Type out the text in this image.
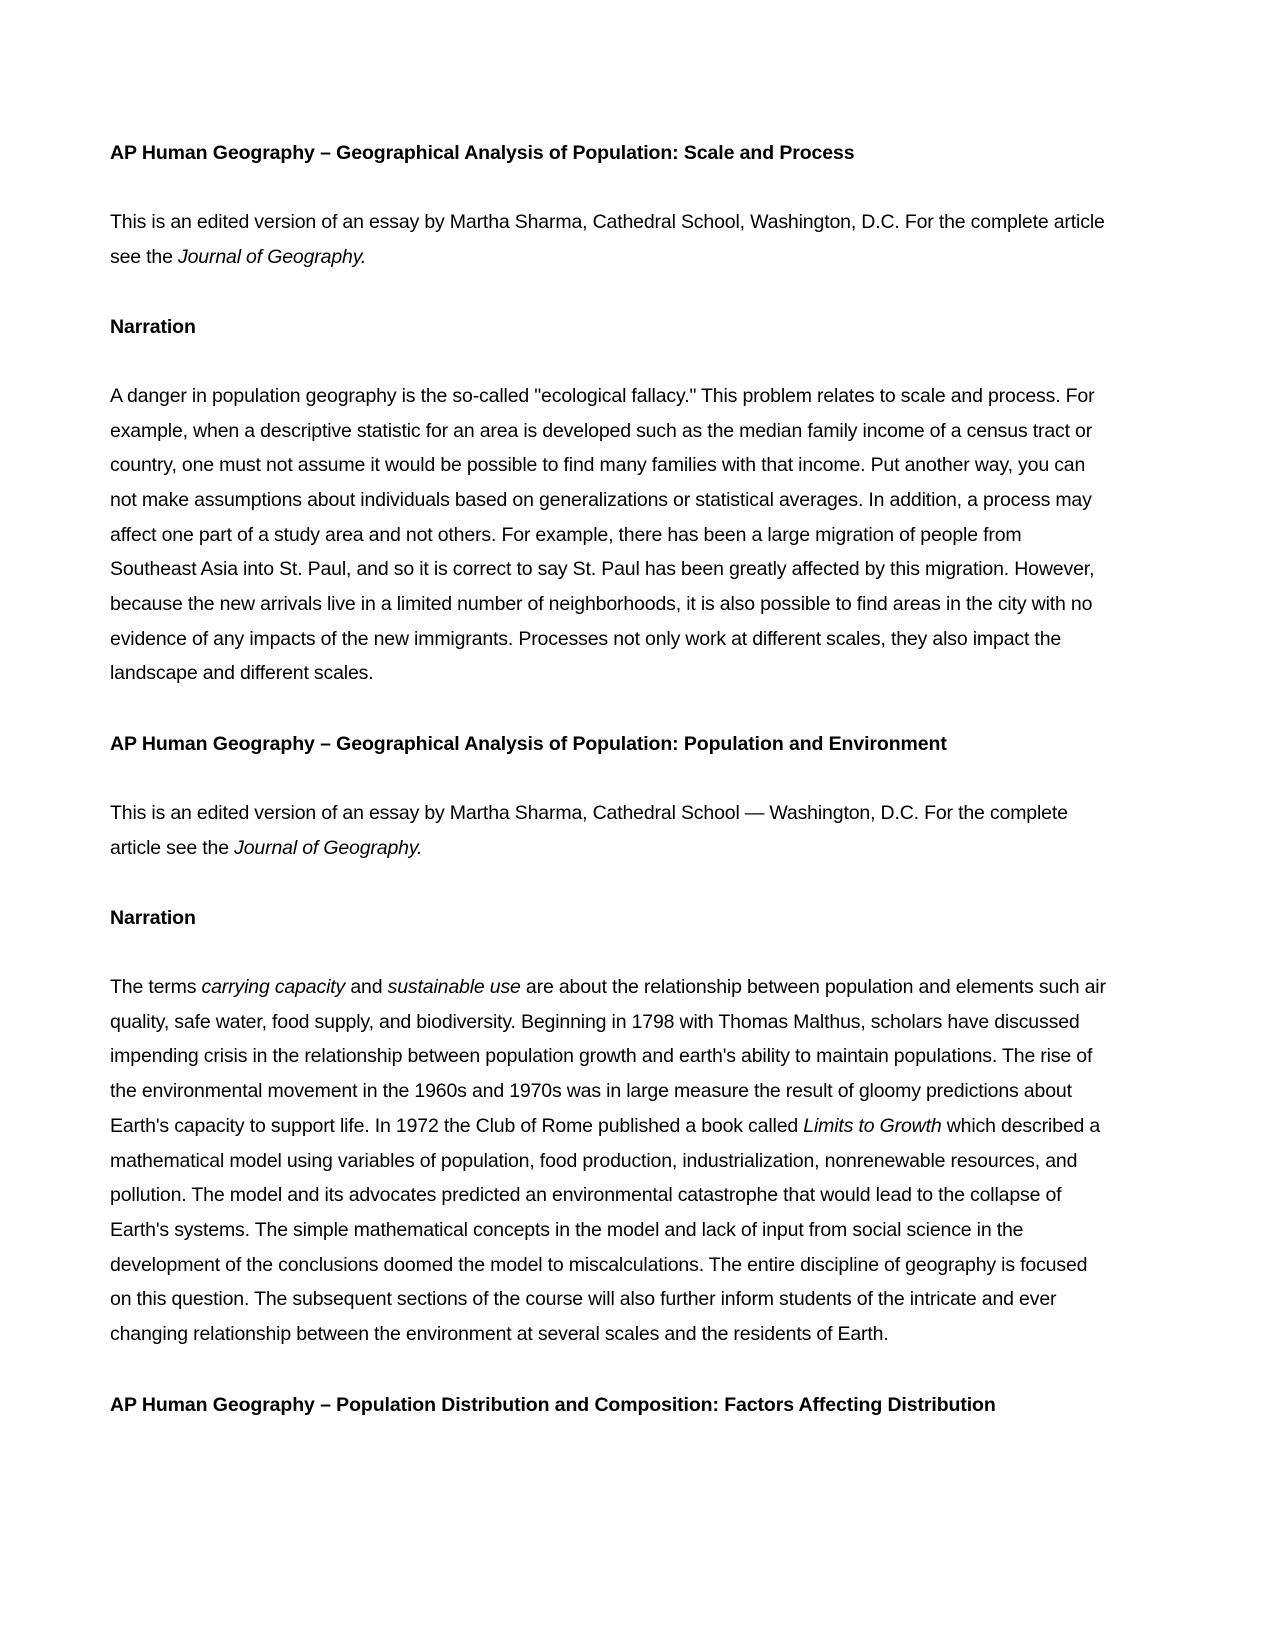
AP Human Geography – Geographical Analysis of Population: Scale and Process

This is an edited version of an essay by Martha Sharma, Cathedral School, Washington, D.C. For the complete article see the Journal of Geography.

Narration

A danger in population geography is the so-called "ecological fallacy." This problem relates to scale and process. For example, when a descriptive statistic for an area is developed such as the median family income of a census tract or country, one must not assume it would be possible to find many families with that income. Put another way, you can not make assumptions about individuals based on generalizations or statistical averages. In addition, a process may affect one part of a study area and not others. For example, there has been a large migration of people from Southeast Asia into St. Paul, and so it is correct to say St. Paul has been greatly affected by this migration. However, because the new arrivals live in a limited number of neighborhoods, it is also possible to find areas in the city with no evidence of any impacts of the new immigrants. Processes not only work at different scales, they also impact the landscape and different scales.

AP Human Geography – Geographical Analysis of Population: Population and Environment

This is an edited version of an essay by Martha Sharma, Cathedral School — Washington, D.C. For the complete article see the Journal of Geography.

Narration

The terms carrying capacity and sustainable use are about the relationship between population and elements such air quality, safe water, food supply, and biodiversity. Beginning in 1798 with Thomas Malthus, scholars have discussed impending crisis in the relationship between population growth and earth's ability to maintain populations. The rise of the environmental movement in the 1960s and 1970s was in large measure the result of gloomy predictions about Earth's capacity to support life. In 1972 the Club of Rome published a book called Limits to Growth which described a mathematical model using variables of population, food production, industrialization, nonrenewable resources, and pollution. The model and its advocates predicted an environmental catastrophe that would lead to the collapse of Earth's systems. The simple mathematical concepts in the model and lack of input from social science in the development of the conclusions doomed the model to miscalculations. The entire discipline of geography is focused on this question. The subsequent sections of the course will also further inform students of the intricate and ever changing relationship between the environment at several scales and the residents of Earth.

AP Human Geography – Population Distribution and Composition: Factors Affecting Distribution
